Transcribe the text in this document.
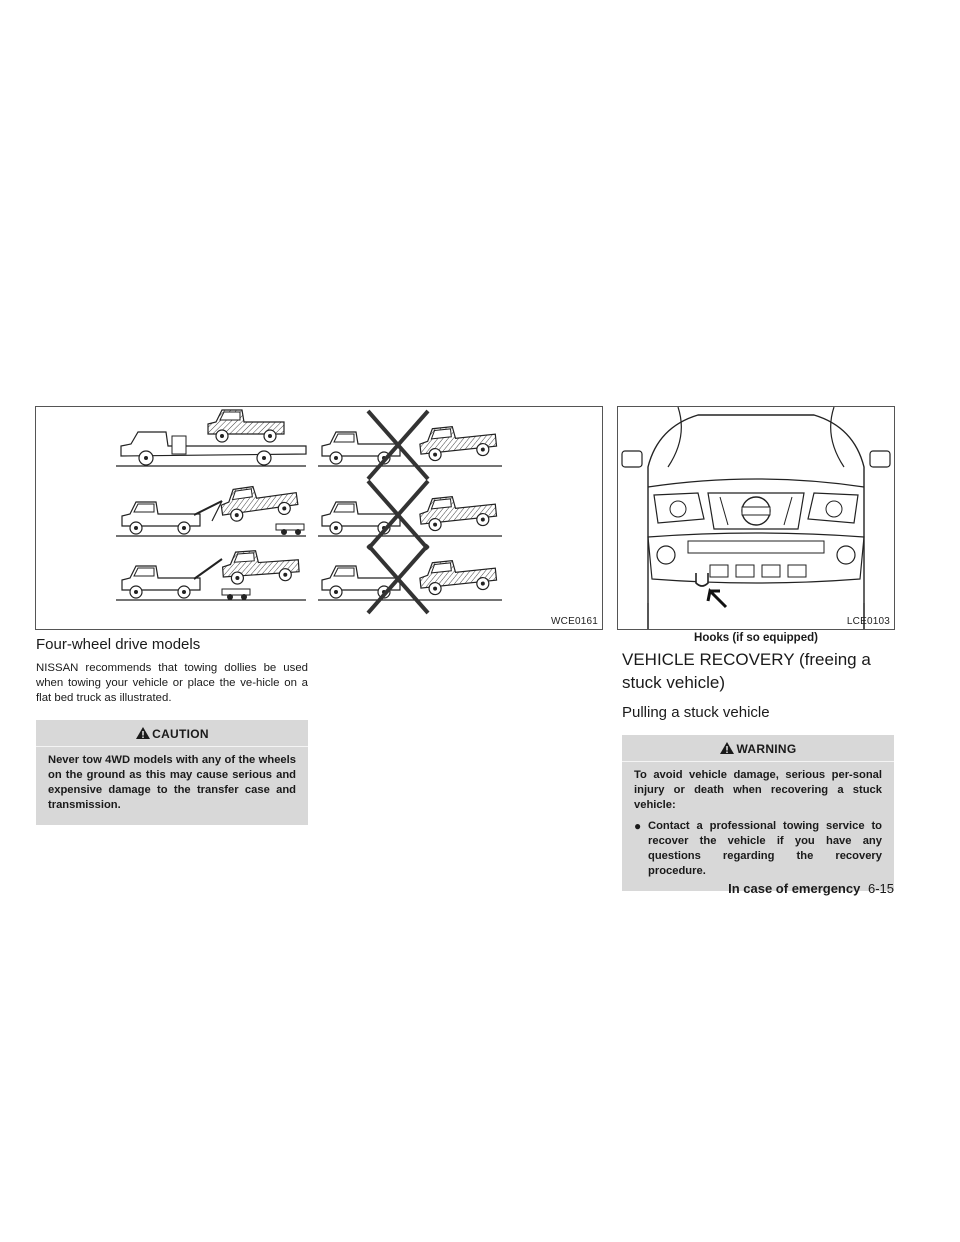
WCE0161	LCE0103
Hooks (if so equipped)
Four-wheel drive models

NISSAN recommends that towing dollies be used when towing your vehicle or place the ve-hicle on a flat bed truck as illustrated.

CAUTION

Never tow 4WD models with any of the wheels on the ground as this may cause serious and expensive damage to the transfer case and transmission.

VEHICLE RECOVERY (freeing a stuck vehicle)
Pulling a stuck vehicle
WARNING

To avoid vehicle damage, serious per-sonal injury or death when recovering a stuck vehicle:

● Contact a professional towing service to recover the vehicle if you have any questions regarding the recovery procedure.

In case of emergency 6-15
